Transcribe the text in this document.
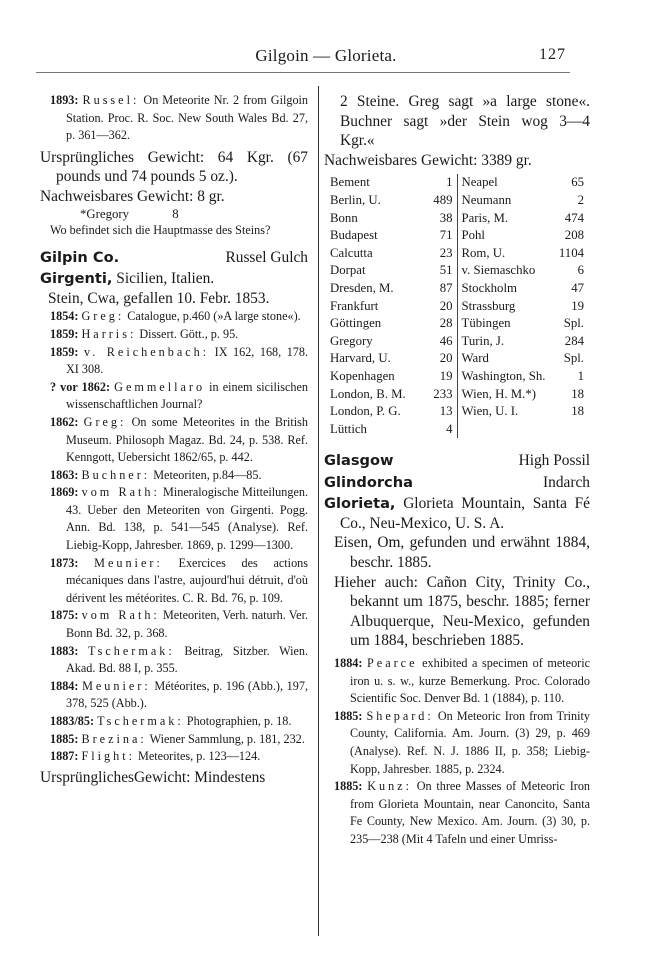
Gilgoin — Glorieta.	127

1893: Russel: On Meteorite Nr. 2 from Gilgoin Station. Proc. R. Soc. New South Wales Bd. 27, p. 361—362.

Ursprüngliches Gewicht: 64 Kgr. (67 pounds und 74 pounds 5 oz.).

Nachweisbares Gewicht: 8 gr.

*Gregory	8

Wo befindet sich die Hauptmasse des Steins?

Gilpin Co.	Russel Gulch
Girgenti, Sicilien, Italien.

Stein, Cwa, gefallen 10. Febr. 1853.

1854: Greg: Catalogue, p.460 (»A large stone«).

1859: Harris: Dissert. Gött., p. 95.

1859: v. Reichenbach: IX 162, 168, 178. XI 308.

? vor 1862: Gemmellaro in einem sicilischen wissenschaftlichen Journal?

1862: Greg: On some Meteorites in the British Museum. Philosoph Magaz. Bd. 24, p. 538. Ref. Kenngott, Uebersicht 1862/65, p. 442.

1863: Buchner: Meteoriten, p.84—85.

1869: vom Rath: Mineralogische Mitteilungen. 43. Ueber den Meteoriten von Girgenti. Pogg. Ann. Bd. 138, p. 541—545 (Analyse). Ref. Liebig-Kopp, Jahresber. 1869, p. 1299—1300.

1873: Meunier: Exercices des actions mécaniques dans l'astre, aujourd'hui détruit, d'où dérivent les météorites. C. R. Bd. 76, p. 109.

1875: vom Rath: Meteoriten, Verh. naturh. Ver. Bonn Bd. 32, p. 368.

1883: Tschermak: Beitrag, Sitzber. Wien. Akad. Bd. 88 I, p. 355.

1884: Meunier: Météorites, p. 196 (Abb.), 197, 378, 525 (Abb.).

1883/85: Tschermak: Photographien, p. 18.

1885: Brezina: Wiener Sammlung, p. 181, 232.

1887: Flight: Meteorites, p. 123—124.

UrsprünglichesGewicht: Mindestens

2 Steine. Greg sagt »a large stone«. Buchner sagt »der Stein wog 3—4 Kgr.«

Nachweisbares Gewicht: 3389 gr.

Bement	1
Berlin, U.	489
Bonn	38
Budapest	71
Calcutta	23
Dorpat	51
Dresden, M.	87
Frankfurt	20
Göttingen	28
Gregory	46
Harvard, U.	20
Kopenhagen	19
London, B. M. 233
London, P. G.	13
Lüttich	4
Neapel	65
Neumann	2
Paris, M.	474
Pohl	208
Rom, U.	1104
v. Siemaschko	6
Stockholm	47
Strassburg	19
Tübingen	Spl.
Turin, J.	284
Ward	Spl.
Washington, Sh.	1
Wien, H. M.*)	18
Wien, U. I.	18
Glasgow	High Possil
Glindorcha	Indarch

Glorieta, Glorieta Mountain, Santa Fé Co., Neu-Mexico, U. S. A.

Eisen, Om, gefunden und erwähnt 1884, beschr. 1885.

Hieher auch: Cañon City, Trinity Co., bekannt um 1875, beschr. 1885; ferner Albuquerque, Neu-Mexico, gefunden um 1884, beschrieben 1885.

1884: Pearce exhibited a specimen of meteoric iron u. s. w., kurze Bemerkung. Proc. Colorado Scientific Soc. Denver Bd. 1 (1884), p. 110.

1885: Shepard: On Meteoric Iron from Trinity County, California. Am. Journ. (3) 29, p. 469 (Analyse). Ref. N. J. 1886 II, p. 358; Liebig-Kopp, Jahresber. 1885, p. 2324.

1885: Kunz: On three Masses of Meteoric Iron from Glorieta Mountain, near Canoncito, Santa Fe County, New Mexico. Am. Journ. (3) 30, p. 235—238 (Mit 4 Tafeln und einer Umriss-
